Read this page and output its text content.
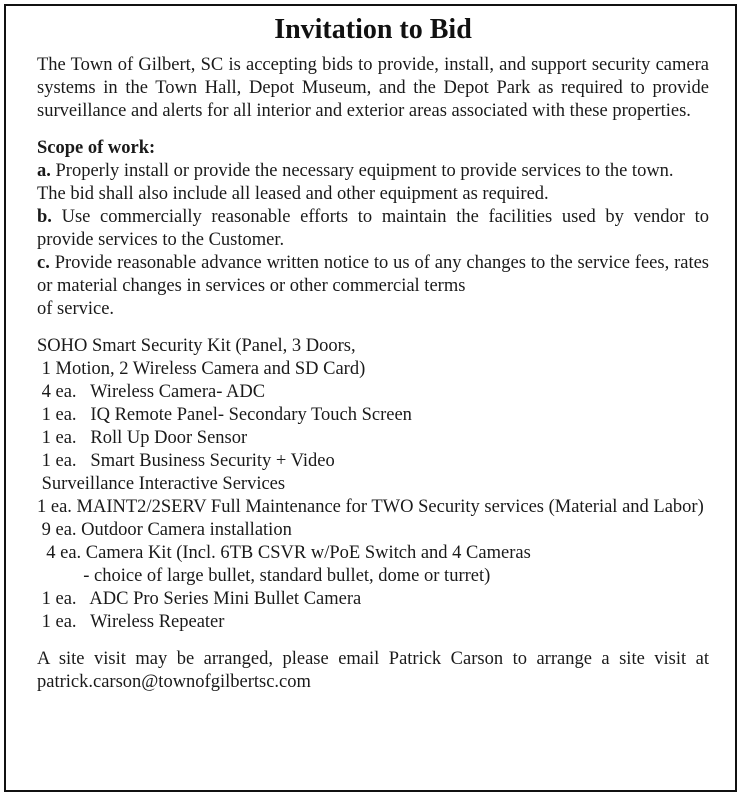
Invitation to Bid

The Town of Gilbert, SC is accepting bids to provide, install, and support security camera systems in the Town Hall, Depot Museum, and the Depot Park as required to provide surveillance and alerts for all interior and exterior areas associated with these properties.

Scope of work:

a. Properly install or provide the necessary equipment to provide services to the town.

The bid shall also include all leased and other equipment as required.

b. Use commercially reasonable efforts to maintain the facilities used by vendor to provide services to the Customer.

c. Provide reasonable advance written notice to us of any changes to the service fees, rates or material changes in services or other commercial terms

of service.

SOHO Smart Security Kit (Panel, 3 Doors,

1 Motion, 2 Wireless Camera and SD Card)

4 ea.   Wireless Camera- ADC

1 ea.   IQ Remote Panel- Secondary Touch Screen

1 ea.   Roll Up Door Sensor

1 ea.   Smart Business Security + Video

Surveillance Interactive Services

1 ea. MAINT2/2SERV Full Maintenance for TWO Security services (Material and Labor)

9 ea. Outdoor Camera installation

4 ea. Camera Kit (Incl. 6TB CSVR w/PoE Switch and 4 Cameras

- choice of large bullet, standard bullet, dome or turret)

1 ea.   ADC Pro Series Mini Bullet Camera

1 ea.   Wireless Repeater

A site visit may be arranged, please email Patrick Carson to arrange a site visit at patrick.carson@townofgilbertsc.com
